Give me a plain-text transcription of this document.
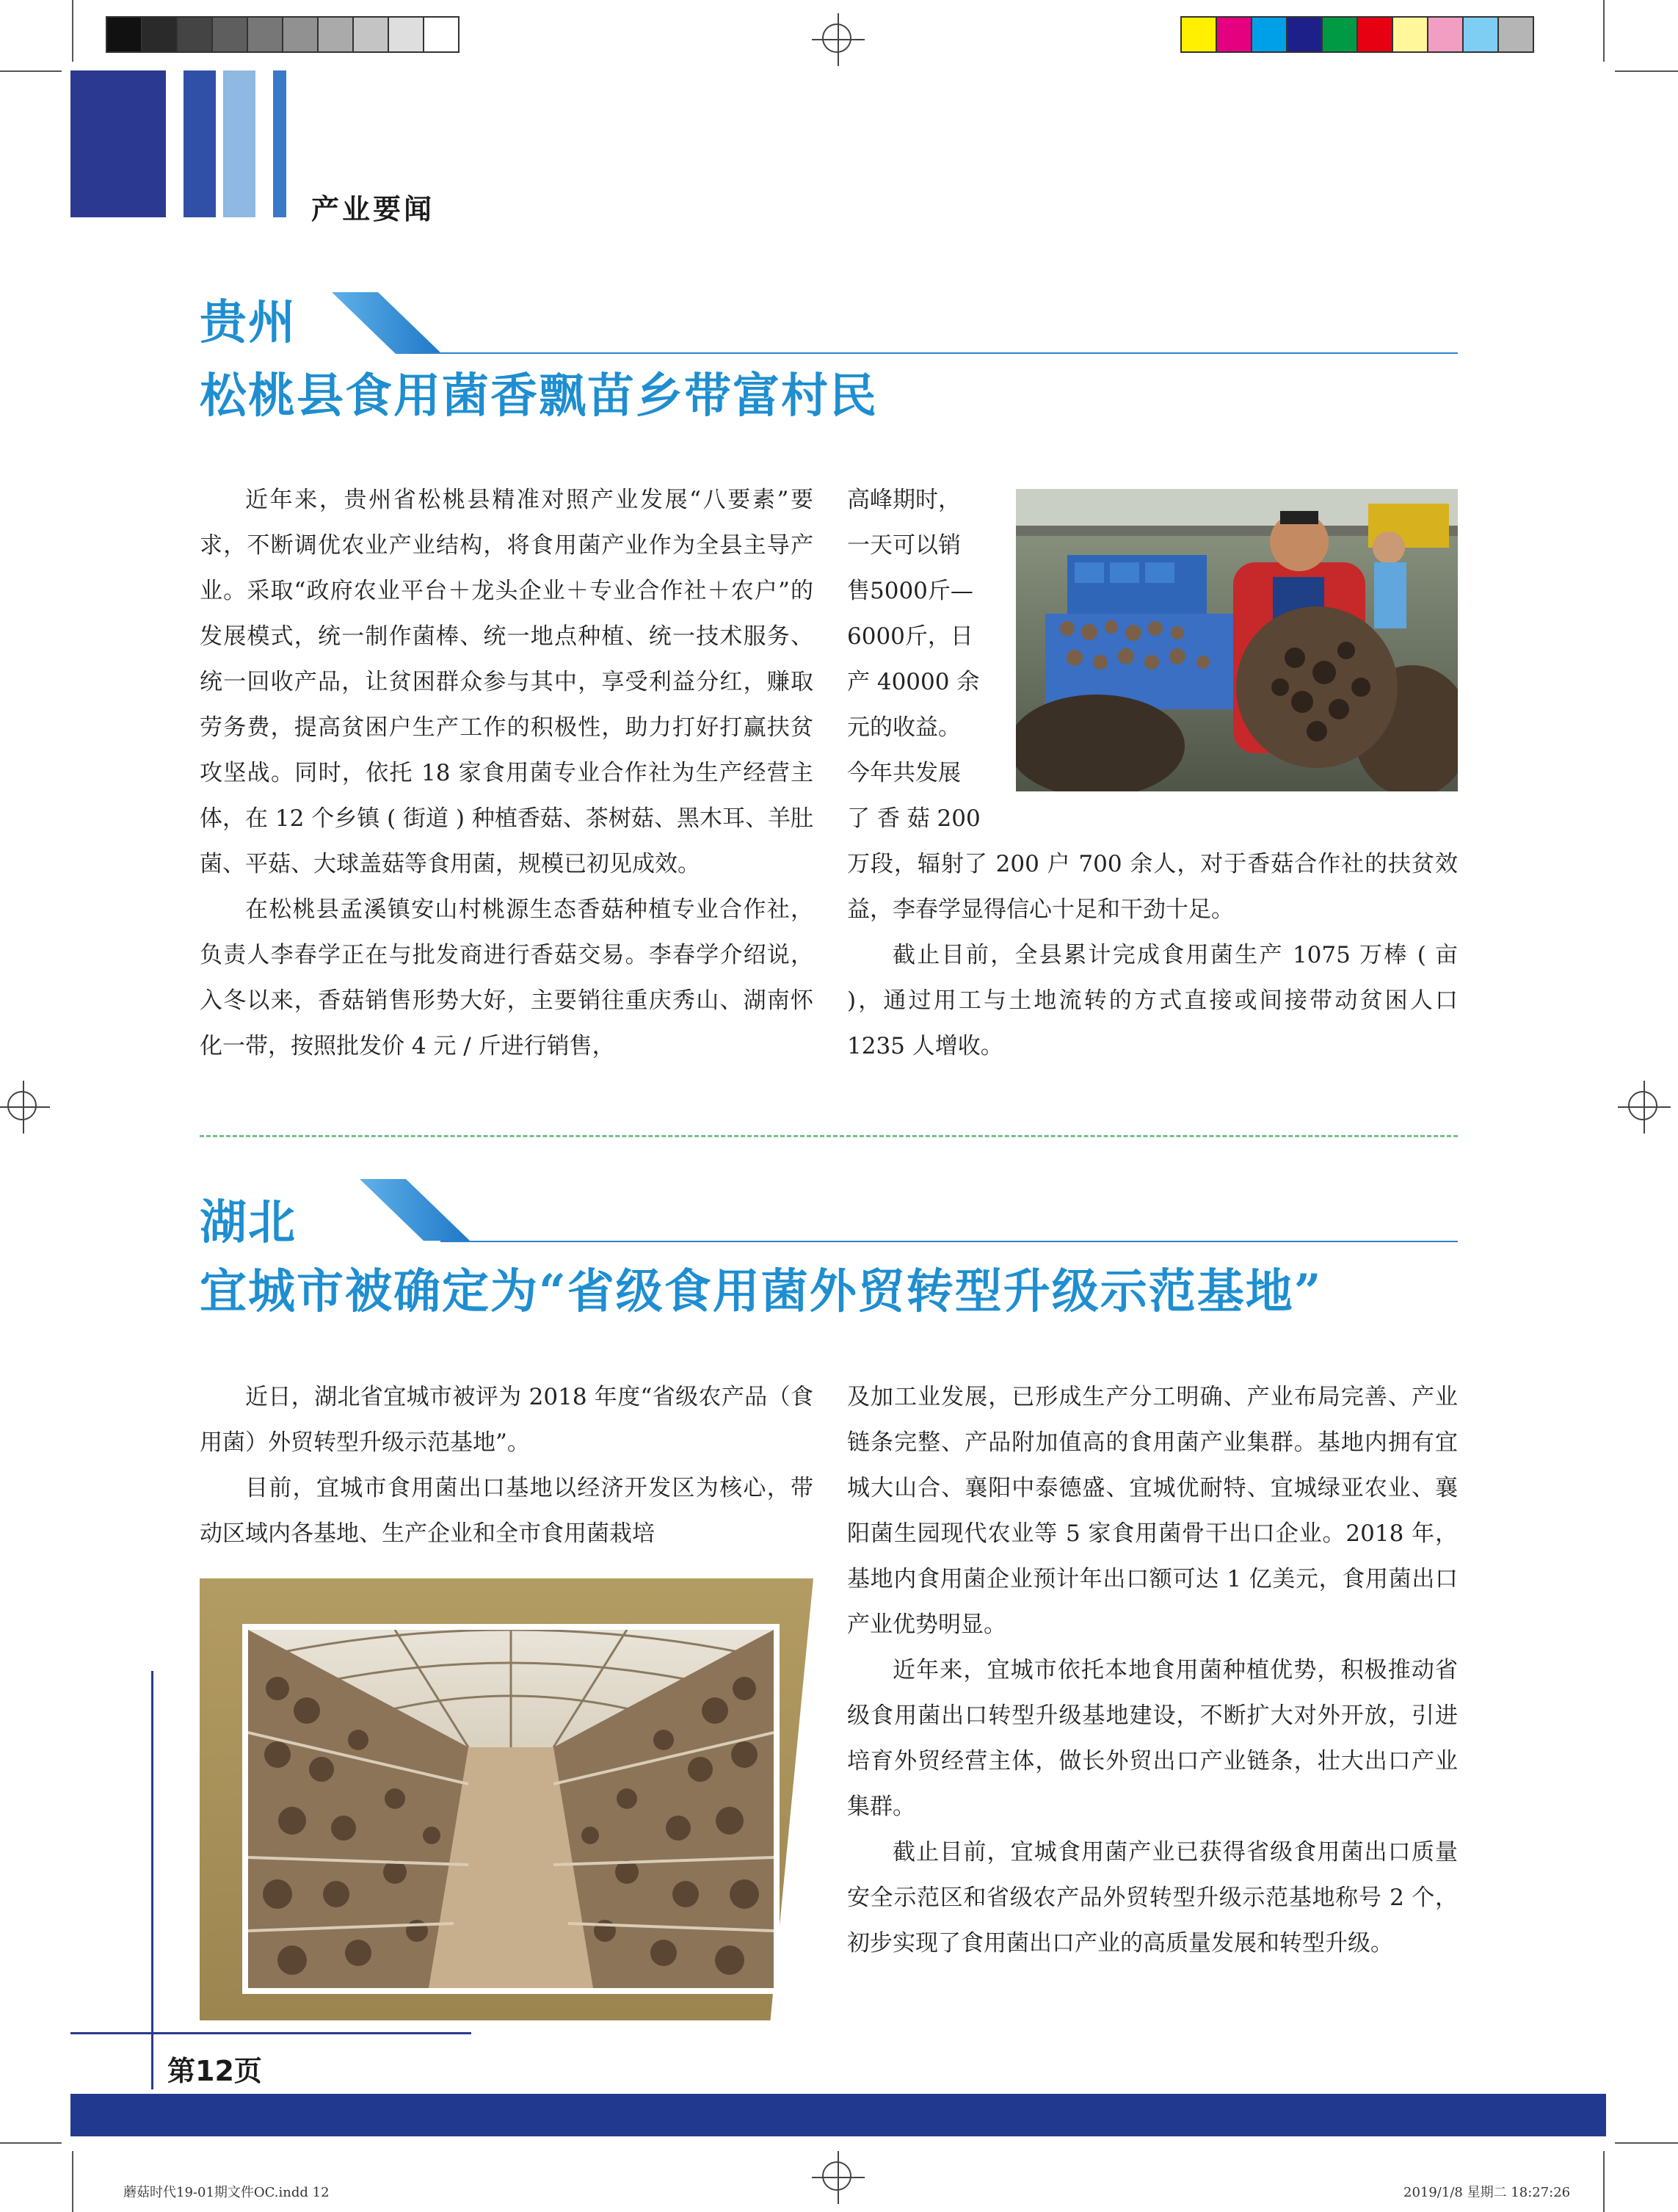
产业要闻
贵州
松桃县食用菌香飘苗乡带富村民

近年来，贵州省松桃县精准对照产业发展“八要素”要求，不断调优农业产业结构，将食用菌产业作为全县主导产业。采取“政府农业平台＋龙头企业＋专业合作社＋农户”的发展模式，统一制作菌棒、统一地点种植、统一技术服务、统一回收产品，让贫困群众参与其中，享受利益分红，赚取劳务费，提高贫困户生产工作的积极性，助力打好打赢扶贫攻坚战。同时，依托 18 家食用菌专业合作社为生产经营主体，在 12 个乡镇 ( 街道 ) 种植香菇、茶树菇、黑木耳、羊肚菌、平菇、大球盖菇等食用菌，规模已初见成效。

在松桃县孟溪镇安山村桃源生态香菇种植专业合作社，负责人李春学正在与批发商进行香菇交易。李春学介绍说，入冬以来，香菇销售形势大好，主要销往重庆秀山、湖南怀化一带，按照批发价 4 元 / 斤进行销售，

高峰期时，
一天可以销
售5000斤—
6000斤，日
产 40000 余
元的收益。
今年共发展
了 香 菇 200

万段，辐射了 200 户 700 余人，对于香菇合作社的扶贫效益，李春学显得信心十足和干劲十足。

截止目前，全县累计完成食用菌生产 1075 万棒 ( 亩 )，通过用工与土地流转的方式直接或间接带动贫困人口 1235 人增收。

湖北
宜城市被确定为“省级食用菌外贸转型升级示范基地”

近日，湖北省宜城市被评为 2018 年度“省级农产品（食用菌）外贸转型升级示范基地”。

目前，宜城市食用菌出口基地以经济开发区为核心，带动区域内各基地、生产企业和全市食用菌栽培

及加工业发展，已形成生产分工明确、产业布局完善、产业链条完整、产品附加值高的食用菌产业集群。基地内拥有宜城大山合、襄阳中泰德盛、宜城优耐特、宜城绿亚农业、襄阳菌生园现代农业等 5 家食用菌骨干出口企业。2018 年，基地内食用菌企业预计年出口额可达 1 亿美元，食用菌出口产业优势明显。

近年来，宜城市依托本地食用菌种植优势，积极推动省级食用菌出口转型升级基地建设，不断扩大对外开放，引进培育外贸经营主体，做长外贸出口产业链条，壮大出口产业集群。

截止目前，宜城食用菌产业已获得省级食用菌出口质量安全示范区和省级农产品外贸转型升级示范基地称号 2 个，初步实现了食用菌出口产业的高质量发展和转型升级。

第12页
蘑菇时代19-01期文件OC.indd 12	2019/1/8 星期二 18:27:26
